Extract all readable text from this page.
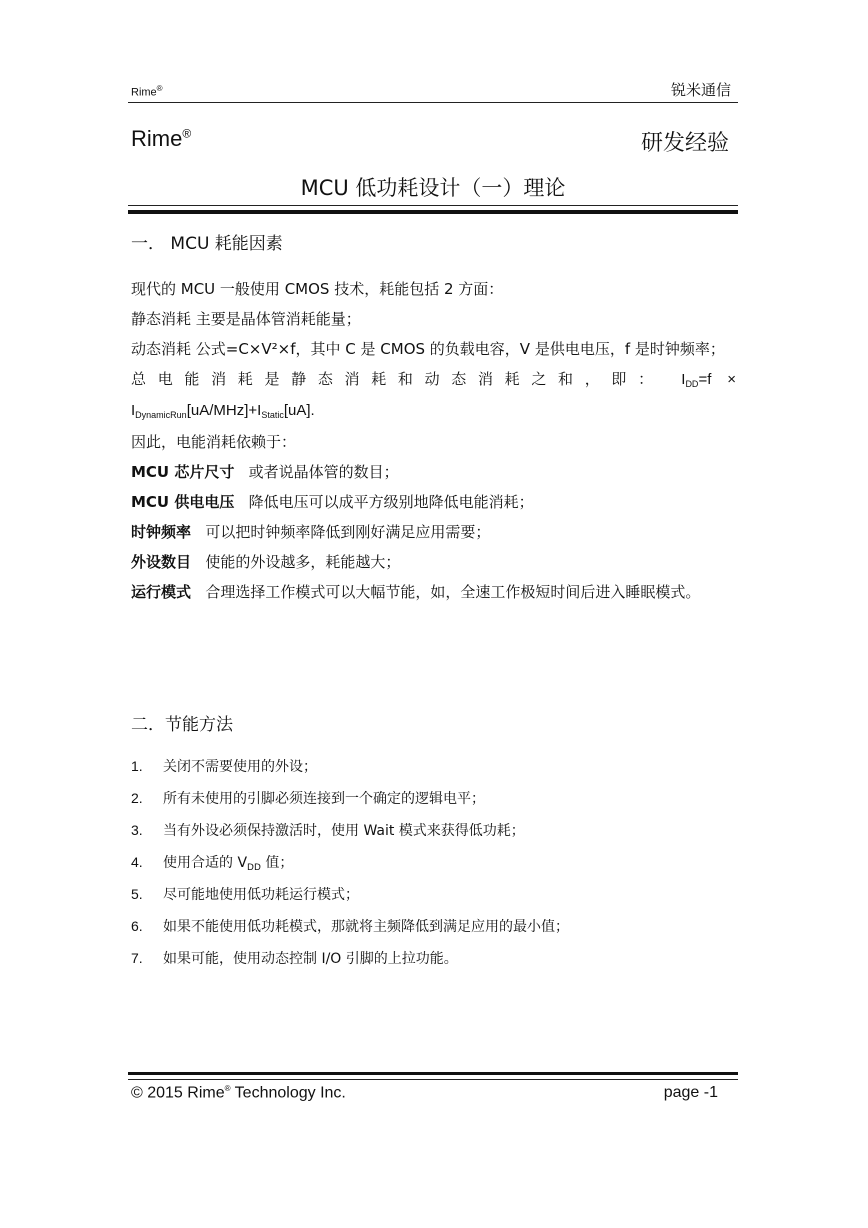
Rime®	锐米通信
Rime®	研发经验
MCU 低功耗设计（一）理论
一． MCU 耗能因素
现代的 MCU 一般使用 CMOS 技术，耗能包括 2 方面：
静态消耗 主要是晶体管消耗能量；
动态消耗 公式=C×V²×f，其中 C 是 CMOS 的负载电容，V 是供电电压，f 是时钟频率；
总电能消耗是静态消耗和动态消耗之和，即： $I_{DD}=f$ ×
$I_{DynamicRun}[uA/MHz]+I_{Static}[uA]$.
因此，电能消耗依赖于：
MCU 芯片尺寸 或者说晶体管的数目；
MCU 供电电压 降低电压可以成平方级别地降低电能消耗；
时钟频率 可以把时钟频率降低到刚好满足应用需要；
外设数目 使能的外设越多，耗能越大；
运行模式 合理选择工作模式可以大幅节能，如，全速工作极短时间后进入睡眠模式。
二．节能方法
1.	关闭不需要使用的外设；
2.	所有未使用的引脚必须连接到一个确定的逻辑电平；
3.	当有外设必须保持激活时，使用 Wait 模式来获得低功耗；
4.	使用合适的 $V_{DD}$ 值；
5.	尽可能地使用低功耗运行模式；
6.	如果不能使用低功耗模式，那就将主频降低到满足应用的最小值；
7.	如果可能，使用动态控制 I/O 引脚的上拉功能。
© 2015 Rime® Technology Inc.	page -1
